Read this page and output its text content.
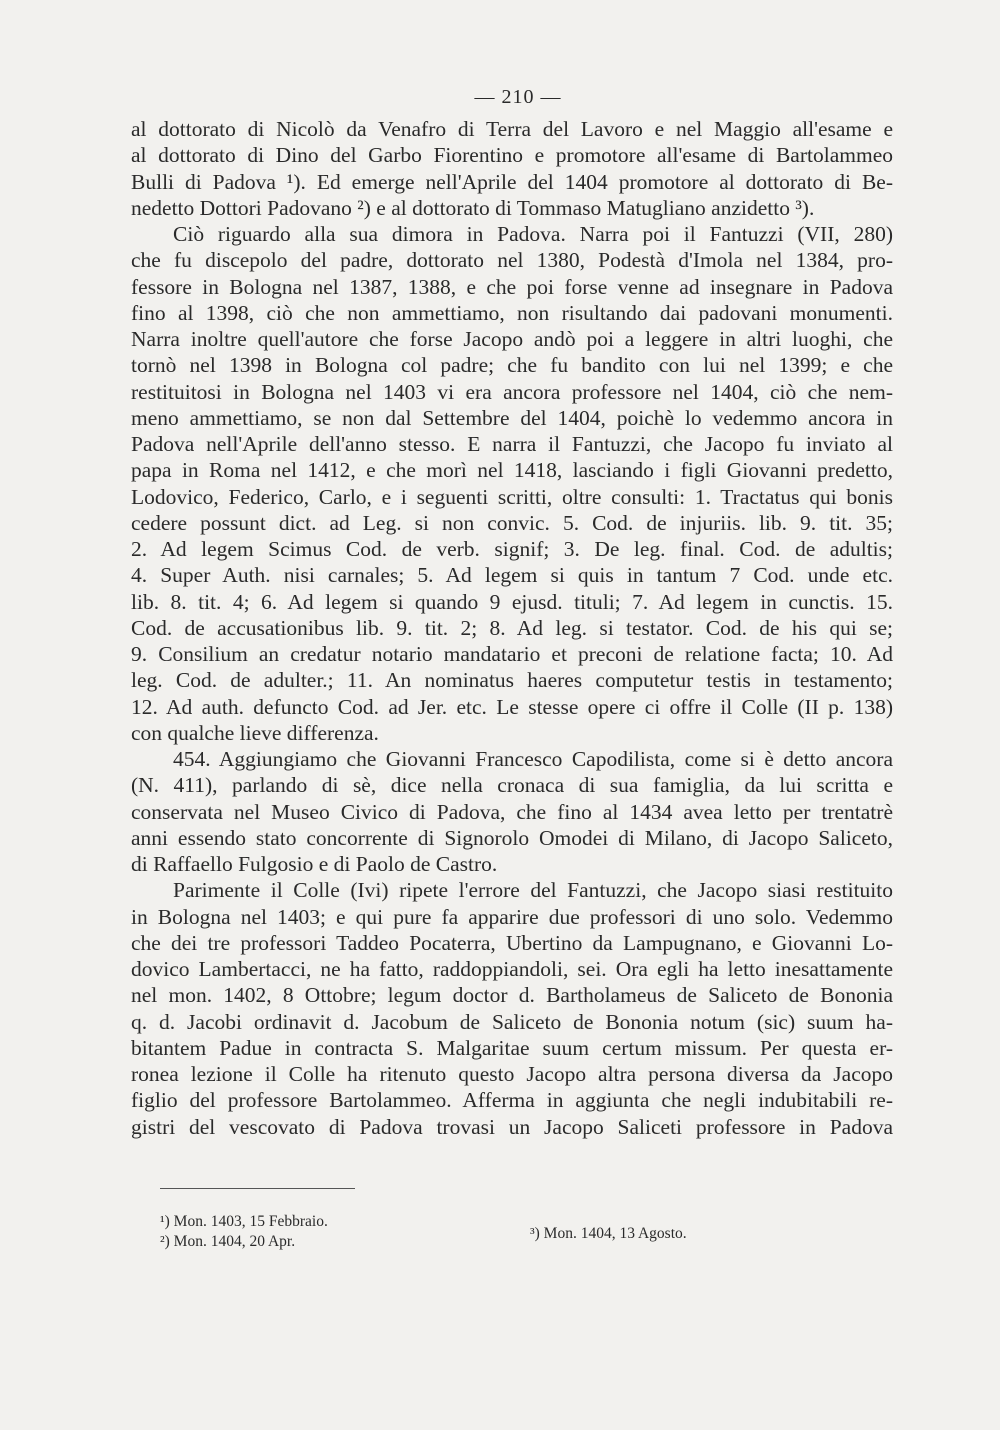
— 210 —
al dottorato di Nicolò da Venafro di Terra del Lavoro e nel Maggio all'esame e
al dottorato di Dino del Garbo Fiorentino e promotore all'esame di Bartolammeo
Bulli di Padova ¹). Ed emerge nell'Aprile del 1404 promotore al dottorato di Be-
nedetto Dottori Padovano ²) e al dottorato di Tommaso Matugliano anzidetto ³).
Ciò riguardo alla sua dimora in Padova. Narra poi il Fantuzzi (VII, 280)
che fu discepolo del padre, dottorato nel 1380, Podestà d'Imola nel 1384, pro-
fessore in Bologna nel 1387, 1388, e che poi forse venne ad insegnare in Padova
fino al 1398, ciò che non ammettiamo, non risultando dai padovani monumenti.
Narra inoltre quell'autore che forse Jacopo andò poi a leggere in altri luoghi, che
tornò nel 1398 in Bologna col padre; che fu bandito con lui nel 1399; e che
restituitosi in Bologna nel 1403 vi era ancora professore nel 1404, ciò che nem-
meno ammettiamo, se non dal Settembre del 1404, poichè lo vedemmo ancora in
Padova nell'Aprile dell'anno stesso. E narra il Fantuzzi, che Jacopo fu inviato al
papa in Roma nel 1412, e che morì nel 1418, lasciando i figli Giovanni predetto,
Lodovico, Federico, Carlo, e i seguenti scritti, oltre consulti: 1. Tractatus qui bonis
cedere possunt dict. ad Leg. si non convic. 5. Cod. de injuriis. lib. 9. tit. 35;
2. Ad legem Scimus Cod. de verb. signif; 3. De leg. final. Cod. de adultis;
4. Super Auth. nisi carnales; 5. Ad legem si quis in tantum 7 Cod. unde etc.
lib. 8. tit. 4; 6. Ad legem si quando 9 ejusd. tituli; 7. Ad legem in cunctis. 15.
Cod. de accusationibus lib. 9. tit. 2; 8. Ad leg. si testator. Cod. de his qui se;
9. Consilium an credatur notario mandatario et preconi de relatione facta; 10. Ad
leg. Cod. de adulter.; 11. An nominatus haeres computetur testis in testamento;
12. Ad auth. defuncto Cod. ad Jer. etc. Le stesse opere ci offre il Colle (II p. 138)
con qualche lieve differenza.
454. Aggiungiamo che Giovanni Francesco Capodilista, come si è detto ancora
(N. 411), parlando di sè, dice nella cronaca di sua famiglia, da lui scritta e
conservata nel Museo Civico di Padova, che fino al 1434 avea letto per trentatrè
anni essendo stato concorrente di Signorolo Omodei di Milano, di Jacopo Saliceto,
di Raffaello Fulgosio e di Paolo de Castro.
Parimente il Colle (Ivi) ripete l'errore del Fantuzzi, che Jacopo siasi restituito
in Bologna nel 1403; e qui pure fa apparire due professori di uno solo. Vedemmo
che dei tre professori Taddeo Pocaterra, Ubertino da Lampugnano, e Giovanni Lo-
dovico Lambertacci, ne ha fatto, raddoppiandoli, sei. Ora egli ha letto inesattamente
nel mon. 1402, 8 Ottobre; legum doctor d. Bartholameus de Saliceto de Bononia
q. d. Jacobi ordinavit d. Jacobum de Saliceto de Bononia notum (sic) suum ha-
bitantem Padue in contracta S. Malgaritae suum certum missum. Per questa er-
ronea lezione il Colle ha ritenuto questo Jacopo altra persona diversa da Jacopo
figlio del professore Bartolammeo. Afferma in aggiunta che negli indubitabili re-
gistri del vescovato di Padova trovasi un Jacopo Saliceti professore in Padova
¹) Mon. 1403, 15 Febbraio.
²) Mon. 1404, 20 Apr.	³) Mon. 1404, 13 Agosto.
